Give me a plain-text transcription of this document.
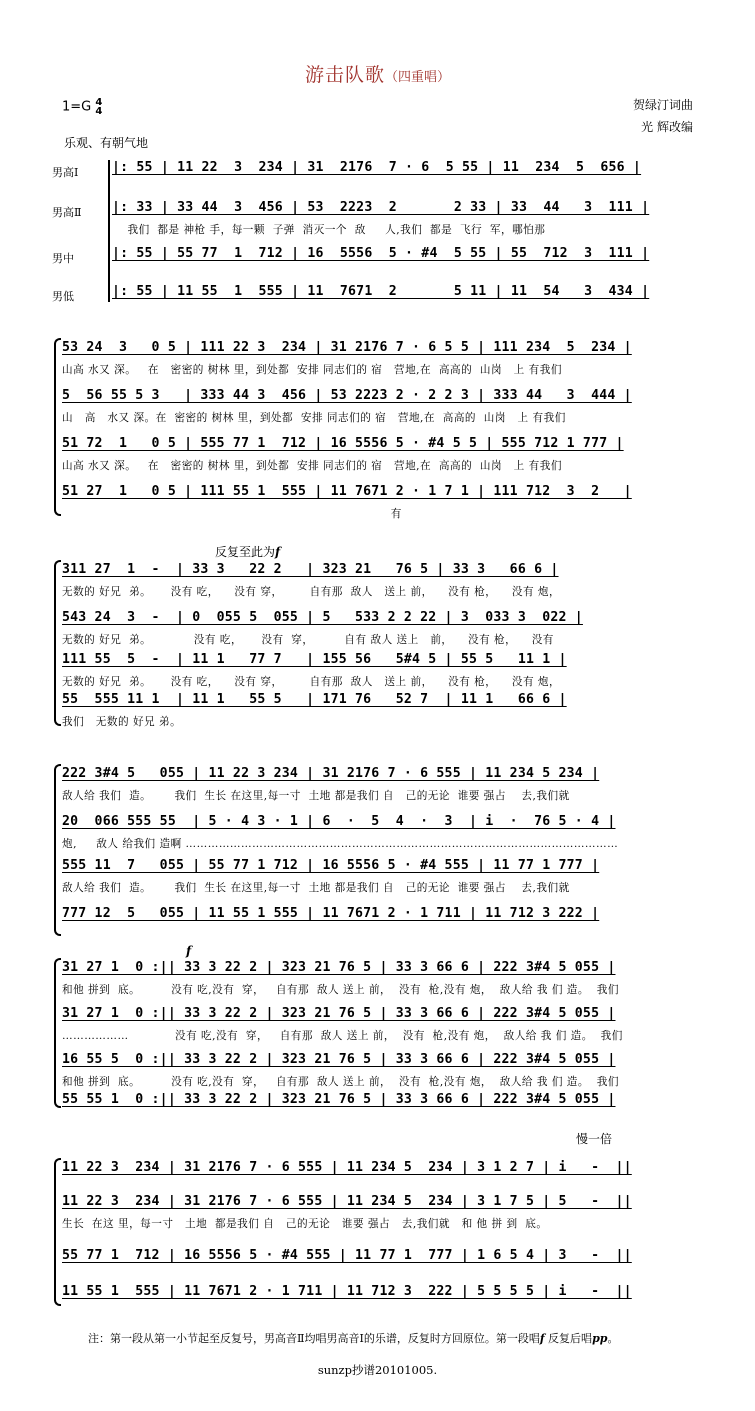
游击队歌（四重唱）
1=G 4
4	贺绿汀词曲
光 辉改编
乐观、有朝气地
男高Ⅰ
男高Ⅱ
男中
男低
|: 55 | 11 22  3  234 | 31  2176  7 · 6  5 55 | 11  234  5  656 |
|: 33 | 33 44  3  456 | 53  2223  2       2 33 | 33  44   3  111 |
我们  都是 神枪 手，每一颗  子弹  消灭一个  敌     人,我们  都是  飞行  军，哪怕那
|: 55 | 55 77  1  712 | 16  5556  5 · #4  5 55 | 55  712  3  111 |
|: 55 | 11 55  1  555 | 11  7671  2       5 11 | 11  54   3  434 |
53 24  3   0 5 | 111 22 3  234 | 31 2176 7 · 6 5 5 | 111 234  5  234 |
山高 水又 深。   在   密密的 树林 里，到处都  安排 同志们的 宿   营地,在  高高的  山岗   上 有我们
5  56 55 5 3   | 333 44 3  456 | 53 2223 2 · 2 2 3 | 333 44   3  444 |
山   高   水又 深。在  密密的 树林 里，到处都  安排 同志们的 宿   营地,在  高高的  山岗   上 有我们
51 72  1   0 5 | 555 77 1  712 | 16 5556 5 · #4 5 5 | 555 712 1 777 |
山高 水又 深。   在   密密的 树林 里，到处都  安排 同志们的 宿   营地,在  高高的  山岗   上 有我们
51 27  1   0 5 | 111 55 1  555 | 11 7671 2 · 1 7 1 | 111 712  3  2   |
有
反复至此为f
311 27  1  -  | 33 3   22 2   | 323 21   76 5 | 33 3   66 6 |
无数的 好兄  弟。     没有 吃，    没有 穿，       自有那  敌人   送上 前，    没有 枪，    没有 炮，
543 24  3  -  | 0  055 5  055 | 5   533 2 2 22 | 3  033 3  022 |
无数的 好兄  弟。           没有 吃，     没有  穿，        自有 敌人 送上   前，    没有 枪，    没有
111 55  5  -  | 11 1   77 7   | 155 56   5#4 5 | 55 5   11 1 |
无数的 好兄  弟。     没有 吃，    没有 穿，       自有那  敌人   送上 前，    没有 枪，    没有 炮，
55  555 11 1  | 11 1   55 5   | 171 76   52 7  | 11 1   66 6 |
我们   无数的 好兄 弟。
222 3#4 5   055 | 11 22 3 234 | 31 2176 7 · 6 555 | 11 234 5 234 |
敌人给 我们  造。      我们  生长 在这里,每一寸  土地 都是我们 自   己的无论  谁要 强占    去,我们就
20  066 555 55  | 5 · 4 3 · 1 | 6  ·  5  4  ·  3  | i  ·  76 5 · 4 |
炮,     敌人 给我们 造啊 ………………………………………………………………………………………………………
555 11  7   055 | 55 77 1 712 | 16 5556 5 · #4 555 | 11 77 1 777 |
敌人给 我们  造。      我们  生长 在这里,每一寸  土地 都是我们 自   己的无论  谁要 强占    去,我们就
777 12  5   055 | 11 55 1 555 | 11 7671 2 · 1 711 | 11 712 3 222 |
f
31 27 1  0 :|| 33 3 22 2 | 323 21 76 5 | 33 3 66 6 | 222 3#4 5 055 |
和他 拼到  底。        没有 吃,没有  穿，   自有那  敌人 送上 前，  没有  枪,没有 炮，  敌人给 我 们 造。  我们
31 27 1  0 :|| 33 3 22 2 | 323 21 76 5 | 33 3 66 6 | 222 3#4 5 055 |
………………            没有 吃,没有  穿，   自有那  敌人 送上 前，  没有  枪,没有 炮，  敌人给 我 们 造。  我们
16 55 5  0 :|| 33 3 22 2 | 323 21 76 5 | 33 3 66 6 | 222 3#4 5 055 |
和他 拼到  底。        没有 吃,没有  穿，   自有那  敌人 送上 前，  没有  枪,没有 炮，  敌人给 我 们 造。  我们
55 55 1  0 :|| 33 3 22 2 | 323 21 76 5 | 33 3 66 6 | 222 3#4 5 055 |
慢一倍
11 22 3  234 | 31 2176 7 · 6 555 | 11 234 5  234 | 3 1 2 7 | i   -  ||
11 22 3  234 | 31 2176 7 · 6 555 | 11 234 5  234 | 3 1 7 5 | 5   -  ||
生长  在这 里，每一寸   土地  都是我们 自   己的无论   谁要 强占   去,我们就   和 他 拼 到  底。
55 77 1  712 | 16 5556 5 · #4 555 | 11 77 1  777 | 1 6 5 4 | 3   -  ||
11 55 1  555 | 11 7671 2 · 1 711 | 11 712 3  222 | 5 5 5 5 | i   -  ||
注：第一段从第一小节起至反复号，男高音Ⅱ均唱男高音Ⅰ的乐谱，反复时方回原位。第一段唱f 反复后唱pp。
sunzp抄谱20101005.
